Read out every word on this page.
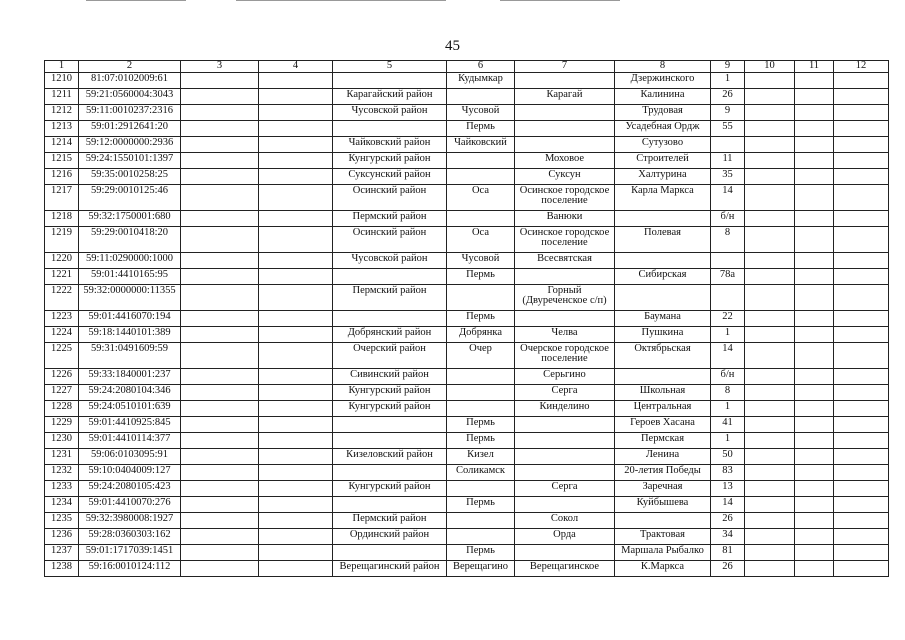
45
1	2	3	4	5	6	7	8	9	10	11	12
1210	81:07:0102009:61				Кудымкар		Дзержинского	1			
1211	59:21:0560004:3043			Карагайский район		Карагай	Калинина	26			
1212	59:11:0010237:2316			Чусовской район	Чусовой		Трудовая	9			
1213	59:01:2912641:20				Пермь		Усадебная Ордж	55			
1214	59:12:0000000:2936			Чайковский район	Чайковский		Сутузово				
1215	59:24:1550101:1397			Кунгурский район		Моховое	Строителей	11			
1216	59:35:0010258:25			Суксунский район		Суксун	Халтурина	35			
1217	59:29:0010125:46			Осинский район	Оса	Осинское городское поселение	Карла Маркса	14			
1218	59:32:1750001:680			Пермский район		Ванюки		б/н			
1219	59:29:0010418:20			Осинский район	Оса	Осинское городское поселение	Полевая	8			
1220	59:11:0290000:1000			Чусовской район	Чусовой	Всесвятская					
1221	59:01:4410165:95				Пермь		Сибирская	78а			
1222	59:32:0000000:11355			Пермский район		Горный (Двуреченское с/п)					
1223	59:01:4416070:194				Пермь		Баумана	22			
1224	59:18:1440101:389			Добрянский район	Добрянка	Челва	Пушкина	1			
1225	59:31:0491609:59			Очерский район	Очер	Очерское городское поселение	Октябрьская	14			
1226	59:33:1840001:237			Сивинский район		Серьгино		б/н			
1227	59:24:2080104:346			Кунгурский район		Серга	Школьная	8			
1228	59:24:0510101:639			Кунгурский район		Кинделино	Центральная	1			
1229	59:01:4410925:845				Пермь		Героев Хасана	41			
1230	59:01:4410114:377				Пермь		Пермская	1			
1231	59:06:0103095:91			Кизеловский район	Кизел		Ленина	50			
1232	59:10:0404009:127				Соликамск		20-летия Победы	83			
1233	59:24:2080105:423			Кунгурский район		Серга	Заречная	13			
1234	59:01:4410070:276				Пермь		Куйбышева	14			
1235	59:32:3980008:1927			Пермский район		Сокол		26			
1236	59:28:0360303:162			Ординский район		Орда	Трактовая	34			
1237	59:01:1717039:1451				Пермь		Маршала Рыбалко	81			
1238	59:16:0010124:112			Верещагинский район	Верещагино	Верещагинское	К.Маркса	26			
